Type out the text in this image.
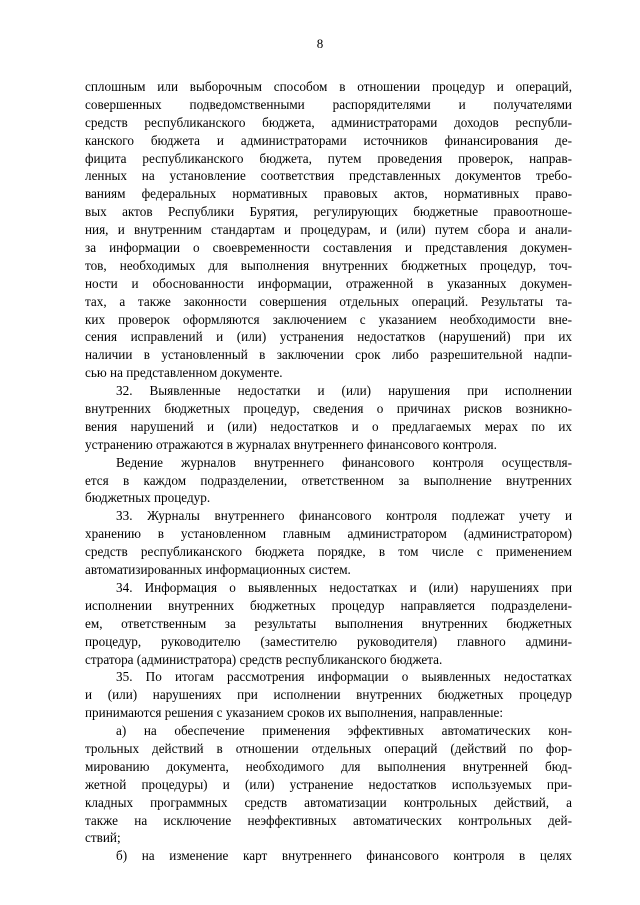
8
сплошным или выборочным способом в отношении процедур и операций,
совершенных подведомственными распорядителями и получателями
средств республиканского бюджета, администраторами доходов республи-
канского бюджета и администраторами источников финансирования де-
фицита республиканского бюджета, путем проведения проверок, направ-
ленных на установление соответствия представленных документов требо-
ваниям федеральных нормативных правовых актов, нормативных право-
вых актов Республики Бурятия, регулирующих бюджетные правоотноше-
ния, и внутренним стандартам и процедурам, и (или) путем сбора и анали-
за информации о своевременности составления и представления докумен-
тов, необходимых для выполнения внутренних бюджетных процедур, точ-
ности и обоснованности информации, отраженной в указанных докумен-
тах, а также законности совершения отдельных операций. Результаты та-
ких проверок оформляются заключением с указанием необходимости вне-
сения исправлений и (или) устранения недостатков (нарушений) при их
наличии в установленный в заключении срок либо разрешительной надпи-
сью на представленном документе.
32. Выявленные недостатки и (или) нарушения при исполнении
внутренних бюджетных процедур, сведения о причинах рисков возникно-
вения нарушений и (или) недостатков и о предлагаемых мерах по их
устранению отражаются в журналах внутреннего финансового контроля.
Ведение журналов внутреннего финансового контроля осуществля-
ется в каждом подразделении, ответственном за выполнение внутренних
бюджетных процедур.
33. Журналы внутреннего финансового контроля подлежат учету и
хранению в установленном главным администратором (администратором)
средств республиканского бюджета порядке, в том числе с применением
автоматизированных информационных систем.
34. Информация о выявленных недостатках и (или) нарушениях при
исполнении внутренних бюджетных процедур направляется подразделени-
ем, ответственным за результаты выполнения внутренних бюджетных
процедур, руководителю (заместителю руководителя) главного админи-
стратора (администратора) средств республиканского бюджета.
35. По итогам рассмотрения информации о выявленных недостатках
и (или) нарушениях при исполнении внутренних бюджетных процедур
принимаются решения с указанием сроков их выполнения, направленные:
а) на обеспечение применения эффективных автоматических кон-
трольных действий в отношении отдельных операций (действий по фор-
мированию документа, необходимого для выполнения внутренней бюд-
жетной процедуры) и (или) устранение недостатков используемых при-
кладных программных средств автоматизации контрольных действий, а
также на исключение неэффективных автоматических контрольных дей-
ствий;
б) на изменение карт внутреннего финансового контроля в целях
